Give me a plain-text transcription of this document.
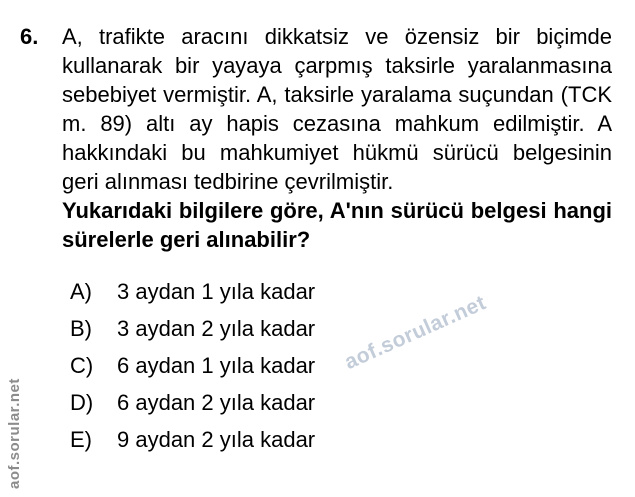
aof.sorular.net
aof.sorular.net
6.	A, trafikte aracını dikkatsiz ve özensiz bir biçimde kullanarak bir yayaya çarpmış taksirle yaralanmasına sebebiyet vermiştir. A, taksirle yaralama suçundan (TCK m. 89) altı ay hapis cezasına mahkum edilmiştir. A hakkındaki bu mahkumiyet hükmü sürücü belgesinin geri alınması tedbirine çevrilmiştir.

Yukarıdaki bilgilere göre, A'nın sürücü belgesi hangi sürelerle geri alınabilir?

A)	3 aydan 1 yıla kadar
B)	3 aydan 2 yıla kadar
C)	6 aydan 1 yıla kadar
D)	6 aydan 2 yıla kadar
E)	9 aydan 2 yıla kadar
